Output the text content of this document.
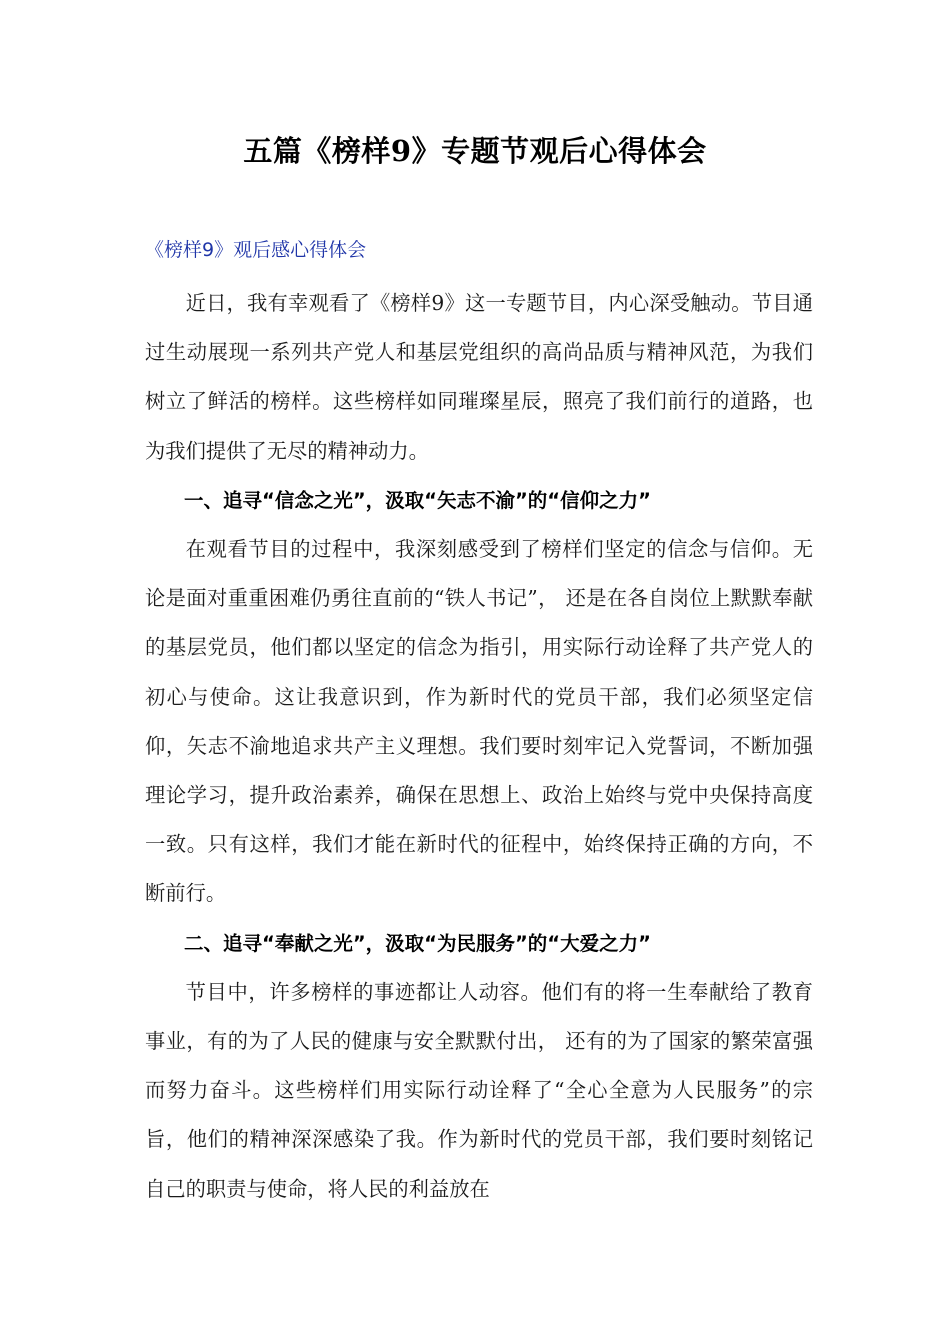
五篇《榜样9》专题节观后心得体会
《榜样9》观后感心得体会

近日，我有幸观看了《榜样9》这一专题节目，内心深受触动。节目通过生动展现一系列共产党人和基层党组织的高尚品质与精神风范，为我们树立了鲜活的榜样。这些榜样如同璀璨星辰，照亮了我们前行的道路，也为我们提供了无尽的精神动力。

一、追寻“信念之光”，汲取“矢志不渝”的“信仰之力”

在观看节目的过程中，我深刻感受到了榜样们坚定的信念与信仰。无论是面对重重困难仍勇往直前的“铁人书记”， 还是在各自岗位上默默奉献的基层党员，他们都以坚定的信念为指引，用实际行动诠释了共产党人的初心与使命。这让我意识到，作为新时代的党员干部，我们必须坚定信仰，矢志不渝地追求共产主义理想。我们要时刻牢记入党誓词，不断加强理论学习，提升政治素养，确保在思想上、政治上始终与党中央保持高度一致。只有这样，我们才能在新时代的征程中，始终保持正确的方向，不断前行。

二、追寻“奉献之光”，汲取“为民服务”的“大爱之力”

节目中，许多榜样的事迹都让人动容。他们有的将一生奉献给了教育事业，有的为了人民的健康与安全默默付出， 还有的为了国家的繁荣富强而努力奋斗。这些榜样们用实际行动诠释了“全心全意为人民服务”的宗旨，他们的精神深深感染了我。作为新时代的党员干部，我们要时刻铭记自己的职责与使命，将人民的利益放在
